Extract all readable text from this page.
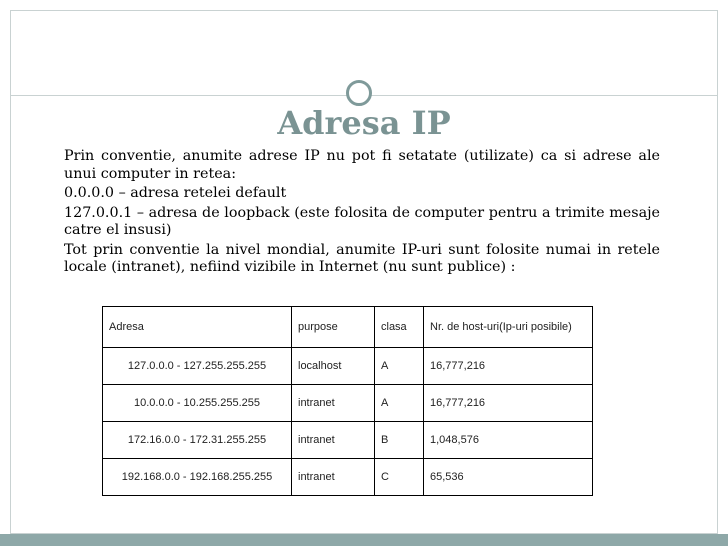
Adresa IP

Prin conventie, anumite adrese IP nu pot fi setatate (utilizate) ca si adrese ale unui computer in retea:

0.0.0.0 – adresa retelei default

127.0.0.1 – adresa de loopback (este folosita de computer pentru a trimite mesaje catre el insusi)

Tot prin conventie la nivel mondial, anumite IP-uri sunt folosite numai in retele locale (intranet), nefiind vizibile in Internet (nu sunt publice) :

Adresa	purpose	clasa	Nr. de host-uri(Ip-uri posibile)
127.0.0.0 - 127.255.255.255	localhost	A	16,777,216
10.0.0.0 - 10.255.255.255	intranet	A	16,777,216
172.16.0.0 - 172.31.255.255	intranet	B	1,048,576
192.168.0.0 - 192.168.255.255	intranet	C	65,536
